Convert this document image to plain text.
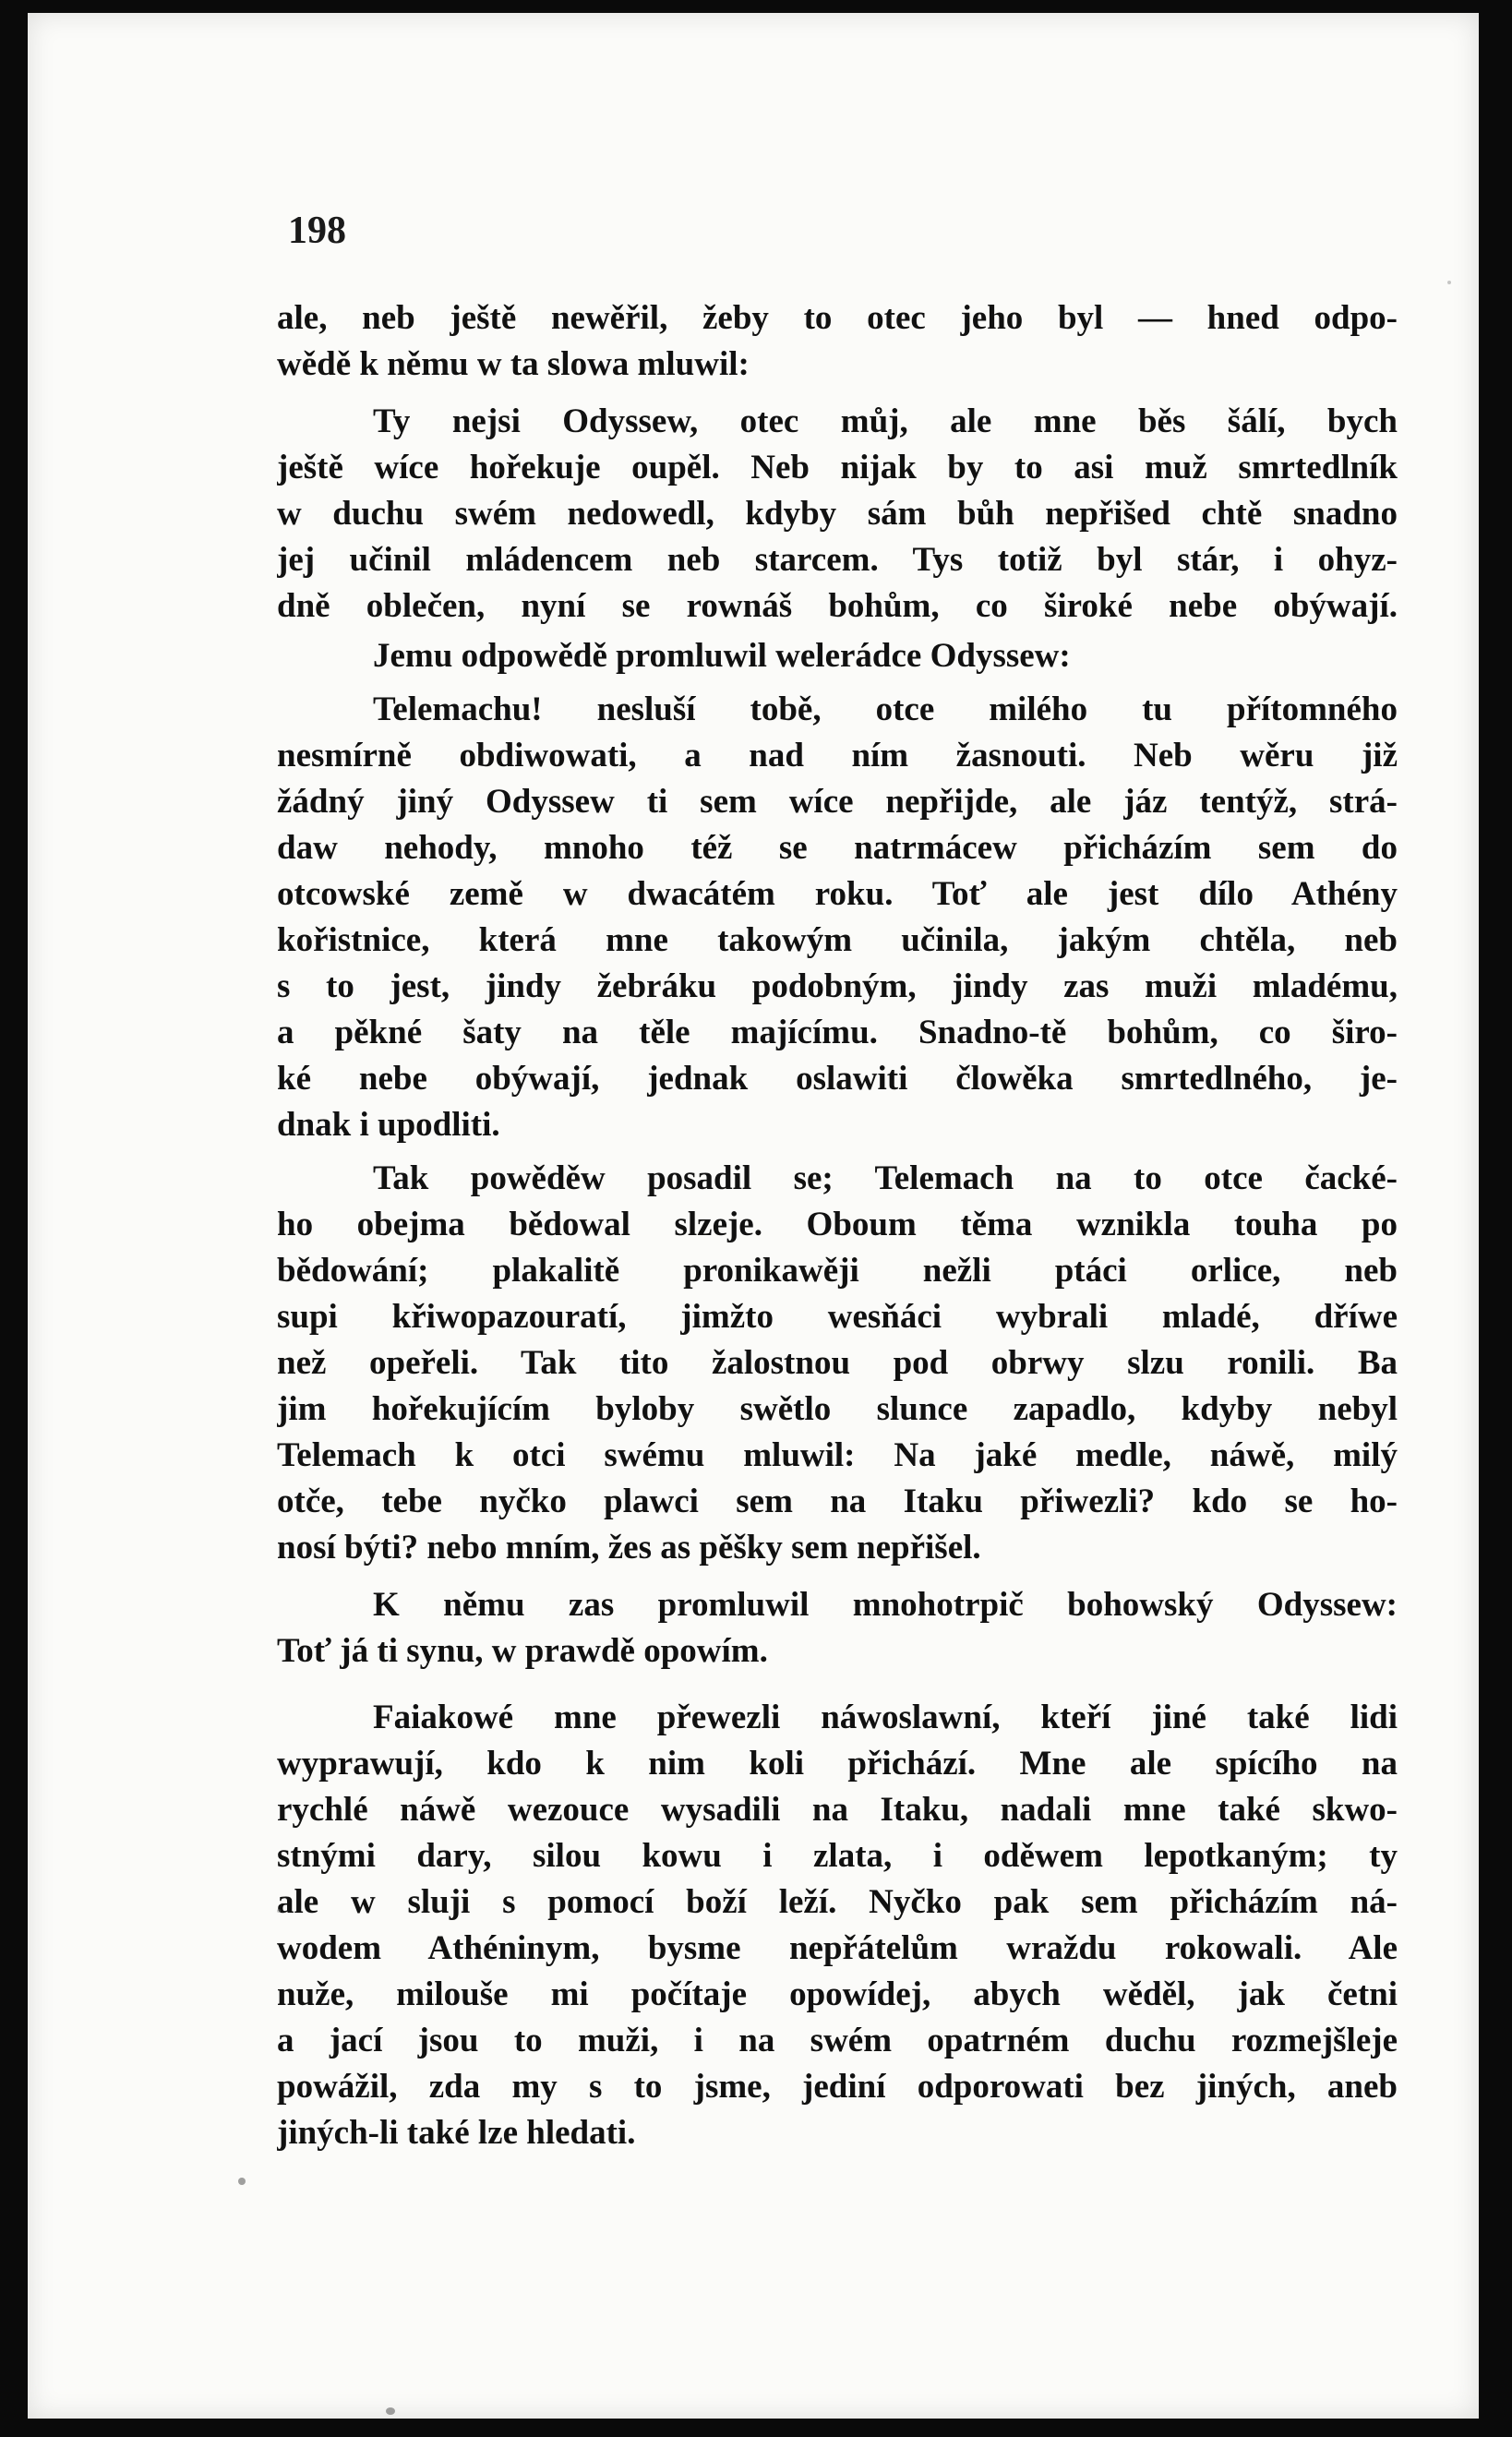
198
ale, neb ještě newěřil, žeby to otec jeho byl — hned odpo-
wědě k němu w ta slowa mluwil:
Ty nejsi Odyssew, otec můj, ale mne běs šálí, bych
ještě wíce hořekuje oupěl. Neb nijak by to asi muž smrtedlník
w duchu swém nedowedl, kdyby sám bůh nepřišed chtě snadno
jej učinil mládencem neb starcem. Tys totiž byl stár, i ohyz-
dně oblečen, nyní se rownáš bohům, co široké nebe obýwají.
Jemu odpowědě promluwil welerádce Odyssew:
Telemachu! nesluší tobě, otce milého tu přítomného
nesmírně obdiwowati, a nad ním žasnouti. Neb wěru již
žádný jiný Odyssew ti sem wíce nepřijde, ale jáz tentýž, strá-
daw nehody, mnoho též se natrmácew přicházím sem do
otcowské země w dwacátém roku. Toť ale jest dílo Athény
kořistnice, která mne takowým učinila, jakým chtěla, neb
s to jest, jindy žebráku podobným, jindy zas muži mladému,
a pěkné šaty na těle majícímu. Snadno-tě bohům, co širo-
ké nebe obýwají, jednak oslawiti člowěka smrtedlného, je-
dnak i upodliti.
Tak powěděw posadil se; Telemach na to otce čacké-
ho obejma bědowal slzeje. Oboum těma wznikla touha po
bědowání; plakalitě pronikawěji nežli ptáci orlice, neb
supi křiwopazouratí, jimžto wesňáci wybrali mladé, dříwe
než opeřeli. Tak tito žalostnou pod obrwy slzu ronili. Ba
jim hořekujícím byloby swětlo slunce zapadlo, kdyby nebyl
Telemach k otci swému mluwil: Na jaké medle, náwě, milý
otče, tebe nyčko plawci sem na Itaku přiwezli? kdo se ho-
nosí býti? nebo mním, žes as pěšky sem nepřišel.
K němu zas promluwil mnohotrpič bohowský Odyssew:
Toť já ti synu, w prawdě opowím.
Faiakowé mne přewezli náwoslawní, kteří jiné také lidi
wyprawují, kdo k nim koli přichází. Mne ale spícího na
rychlé náwě wezouce wysadili na Itaku, nadali mne také skwo-
stnými dary, silou kowu i zlata, i oděwem lepotkaným; ty
ale w sluji s pomocí boží leží. Nyčko pak sem přicházím ná-
wodem Athéninym, bysme nepřátelům wraždu rokowali. Ale
nuže, milouše mi počítaje opowídej, abych wěděl, jak četni
a jací jsou to muži, i na swém opatrném duchu rozmejšleje
powážil, zda my s to jsme, jediní odporowati bez jiných, aneb
jiných-li také lze hledati.
